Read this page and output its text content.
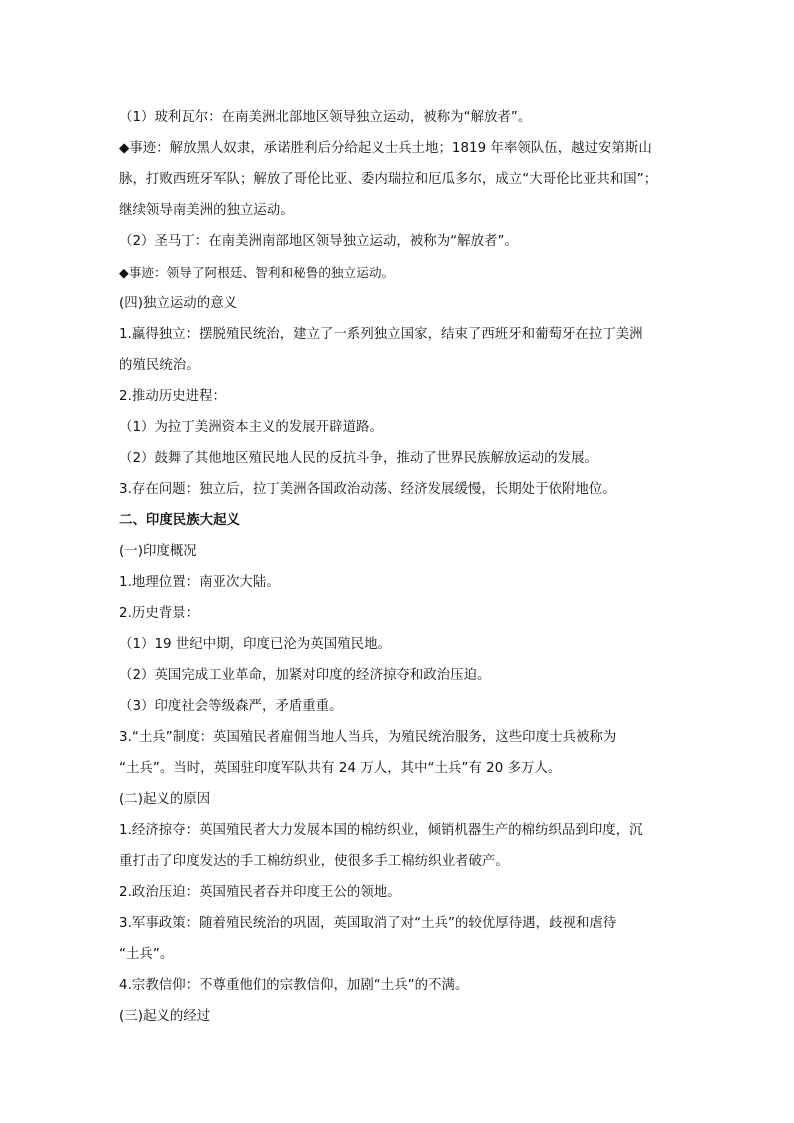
（1）玻利瓦尔：在南美洲北部地区领导独立运动，被称为“解放者”。
◆事迹：解放黑人奴隶，承诺胜利后分给起义士兵土地；1819 年率领队伍，越过安第斯山
脉，打败西班牙军队；解放了哥伦比亚、委内瑞拉和厄瓜多尔，成立“大哥伦比亚共和国”；
继续领导南美洲的独立运动。
（2）圣马丁：在南美洲南部地区领导独立运动，被称为“解放者”。
◆事迹：领导了阿根廷、智利和秘鲁的独立运动。
(四)独立运动的意义
1.赢得独立：摆脱殖民统治，建立了一系列独立国家，结束了西班牙和葡萄牙在拉丁美洲
的殖民统治。
2.推动历史进程：
（1）为拉丁美洲资本主义的发展开辟道路。
（2）鼓舞了其他地区殖民地人民的反抗斗争，推动了世界民族解放运动的发展。
3.存在问题：独立后，拉丁美洲各国政治动荡、经济发展缓慢，长期处于依附地位。
二、印度民族大起义
(一)印度概况
1.地理位置：南亚次大陆。
2.历史背景：
（1）19 世纪中期，印度已沦为英国殖民地。
（2）英国完成工业革命，加紧对印度的经济掠夺和政治压迫。
（3）印度社会等级森严，矛盾重重。
3.“土兵”制度：英国殖民者雇佣当地人当兵，为殖民统治服务，这些印度士兵被称为
“土兵”。当时，英国驻印度军队共有 24 万人，其中“土兵”有 20 多万人。
(二)起义的原因
1.经济掠夺：英国殖民者大力发展本国的棉纺织业，倾销机器生产的棉纺织品到印度，沉
重打击了印度发达的手工棉纺织业，使很多手工棉纺织业者破产。
2.政治压迫：英国殖民者吞并印度王公的领地。
3.军事政策：随着殖民统治的巩固，英国取消了对“土兵”的较优厚待遇，歧视和虐待
“土兵”。
4.宗教信仰：不尊重他们的宗教信仰，加剧“土兵”的不满。
(三)起义的经过
